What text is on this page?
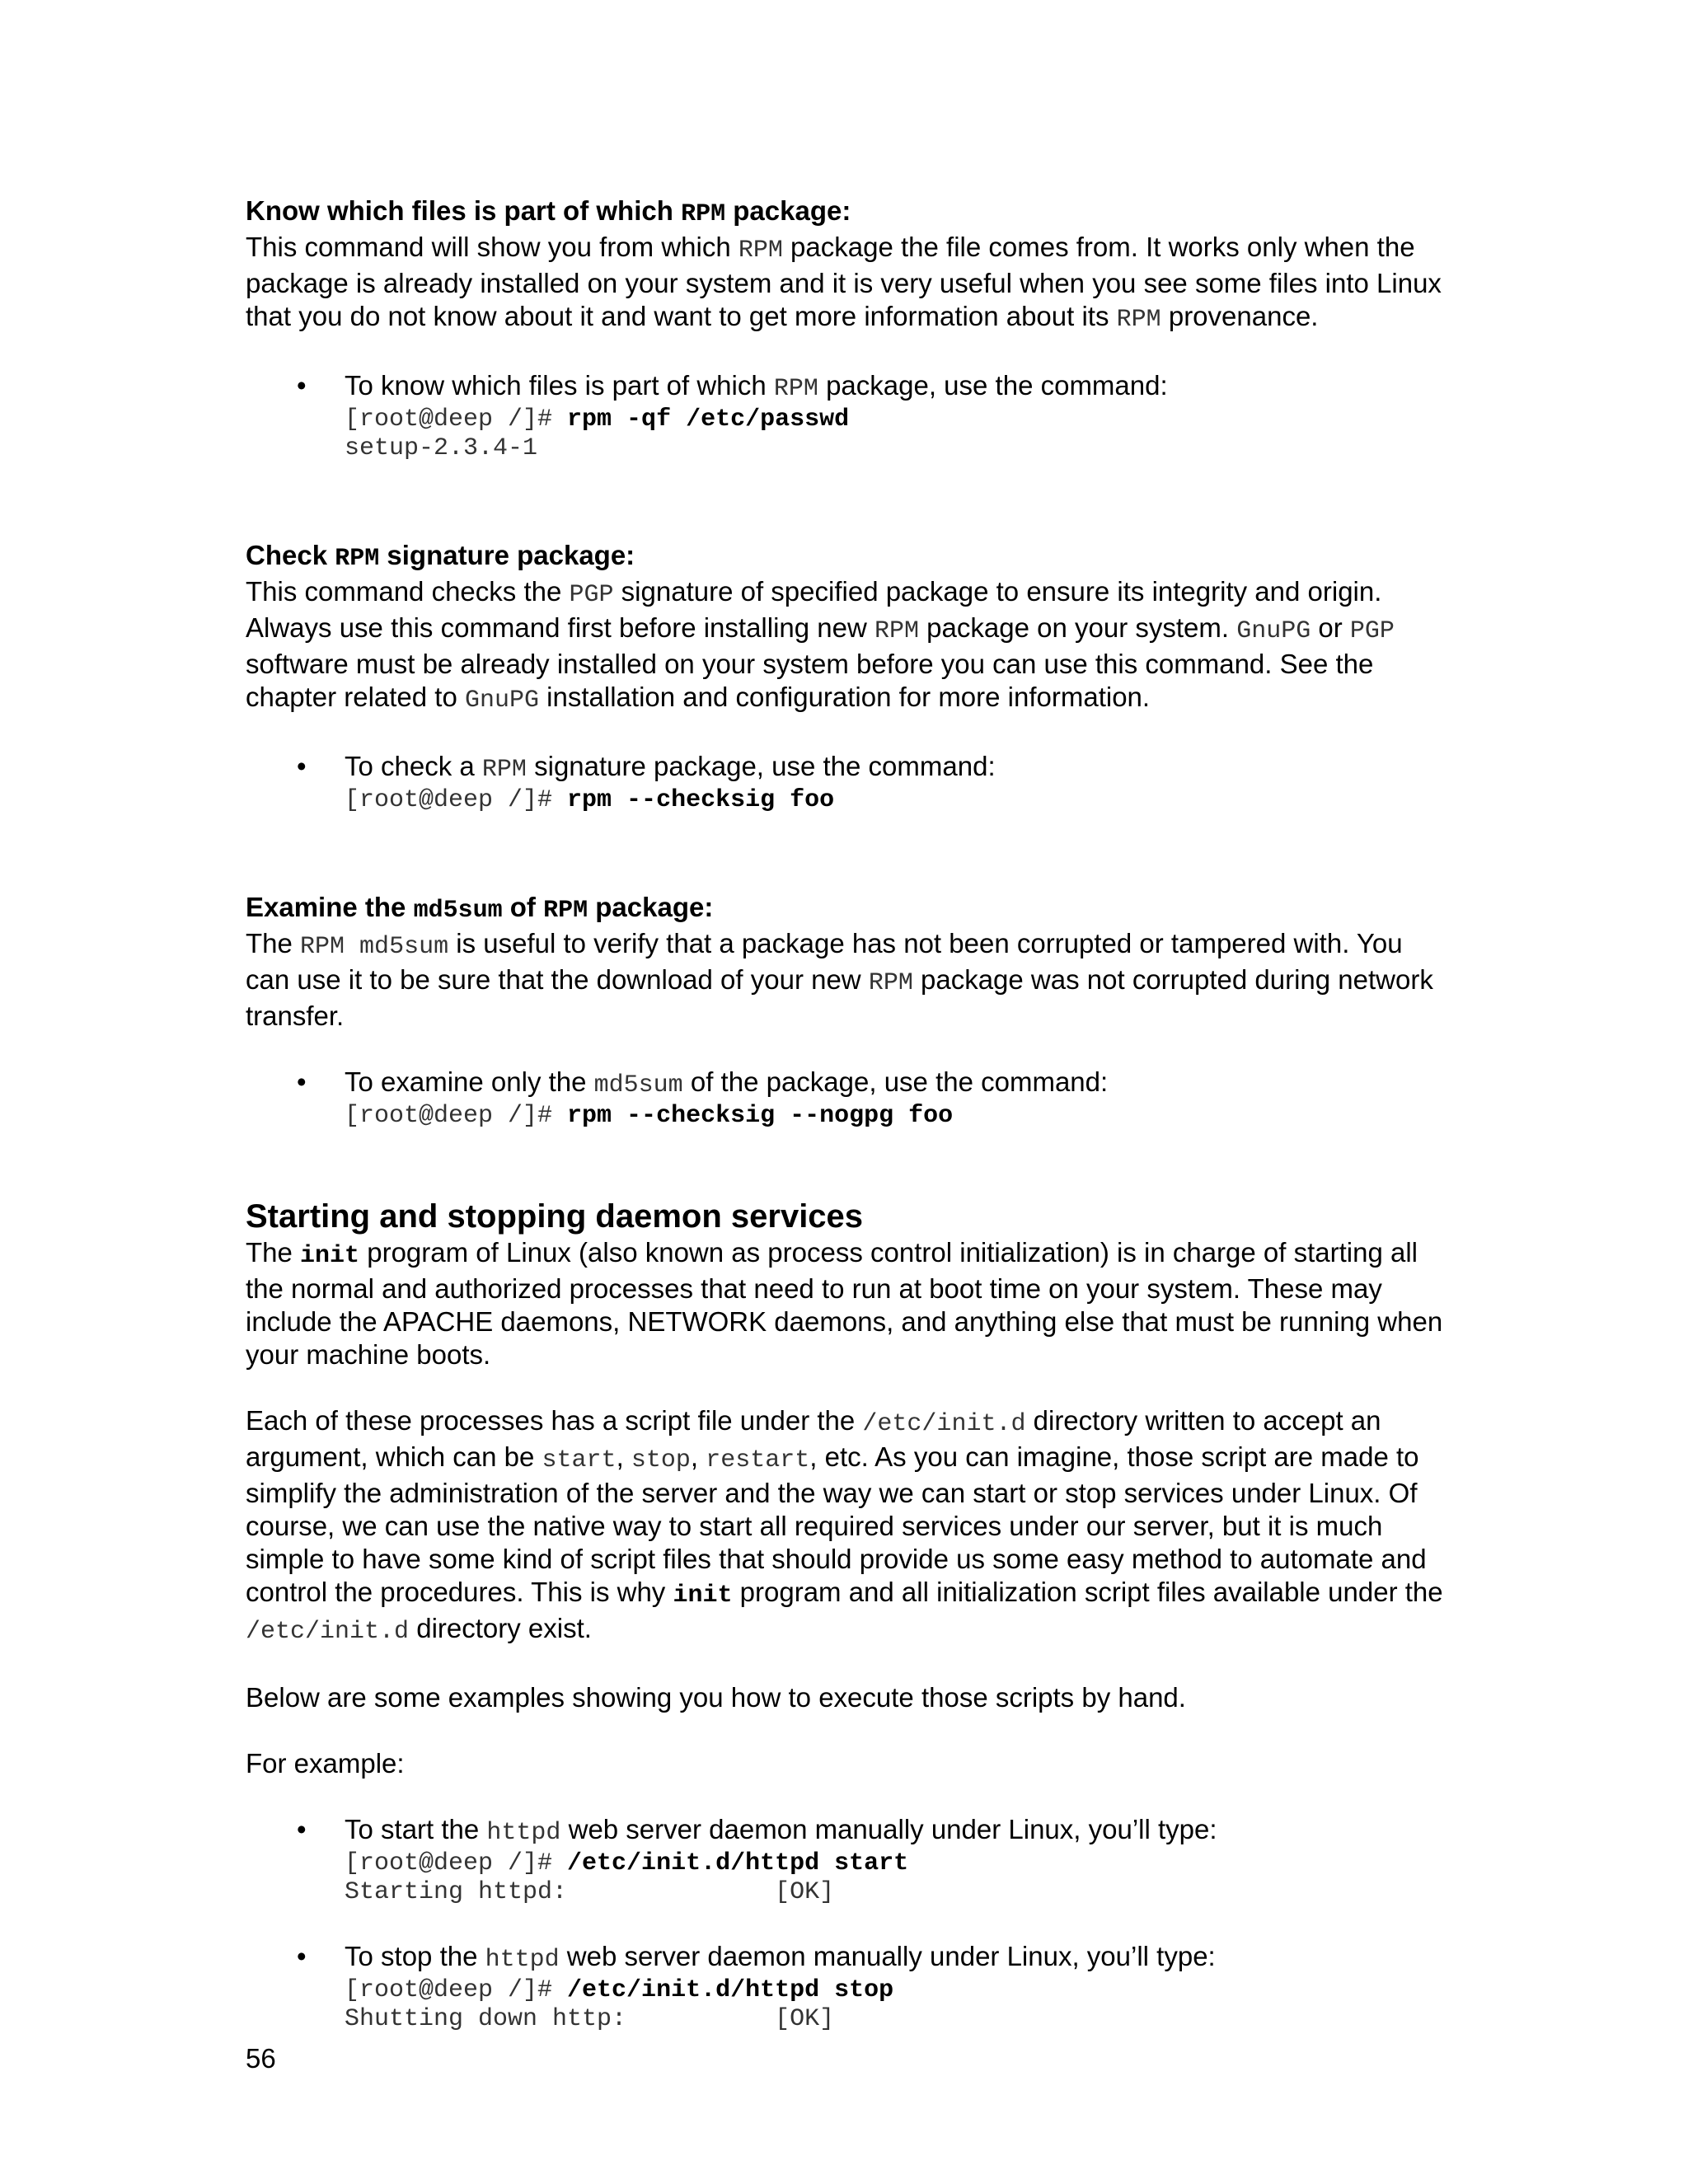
Know which files is part of which RPM package:

This command will show you from which RPM package the file comes from. It works only when the package is already installed on your system and it is very useful when you see some files into Linux that you do not know about it and want to get more information about its RPM provenance.

• To know which files is part of which RPM package, use the command:

[root@deep /]# rpm -qf /etc/passwd
setup-2.3.4-1

Check RPM signature package:

This command checks the PGP signature of specified package to ensure its integrity and origin. Always use this command first before installing new RPM package on your system. GnuPG or PGP software must be already installed on your system before you can use this command. See the chapter related to GnuPG installation and configuration for more information.

• To check a RPM signature package, use the command:

[root@deep /]# rpm --checksig foo

Examine the md5sum of RPM package:

The RPM md5sum is useful to verify that a package has not been corrupted or tampered with. You can use it to be sure that the download of your new RPM package was not corrupted during network transfer.

• To examine only the md5sum of the package, use the command:

[root@deep /]# rpm --checksig --nogpg foo

Starting and stopping daemon services

The init program of Linux (also known as process control initialization) is in charge of starting all the normal and authorized processes that need to run at boot time on your system. These may include the APACHE daemons, NETWORK daemons, and anything else that must be running when your machine boots.

Each of these processes has a script file under the /etc/init.d directory written to accept an argument, which can be start, stop, restart, etc. As you can imagine, those script are made to simplify the administration of the server and the way we can start or stop services under Linux. Of course, we can use the native way to start all required services under our server, but it is much simple to have some kind of script files that should provide us some easy method to automate and control the procedures. This is why init program and all initialization script files available under the /etc/init.d directory exist.

Below are some examples showing you how to execute those scripts by hand.

For example:

• To start the httpd web server daemon manually under Linux, you’ll type:

[root@deep /]# /etc/init.d/httpd start
Starting httpd:              [OK]
• To stop the httpd web server daemon manually under Linux, you’ll type:

[root@deep /]# /etc/init.d/httpd stop
Shutting down http:          [OK]
56
